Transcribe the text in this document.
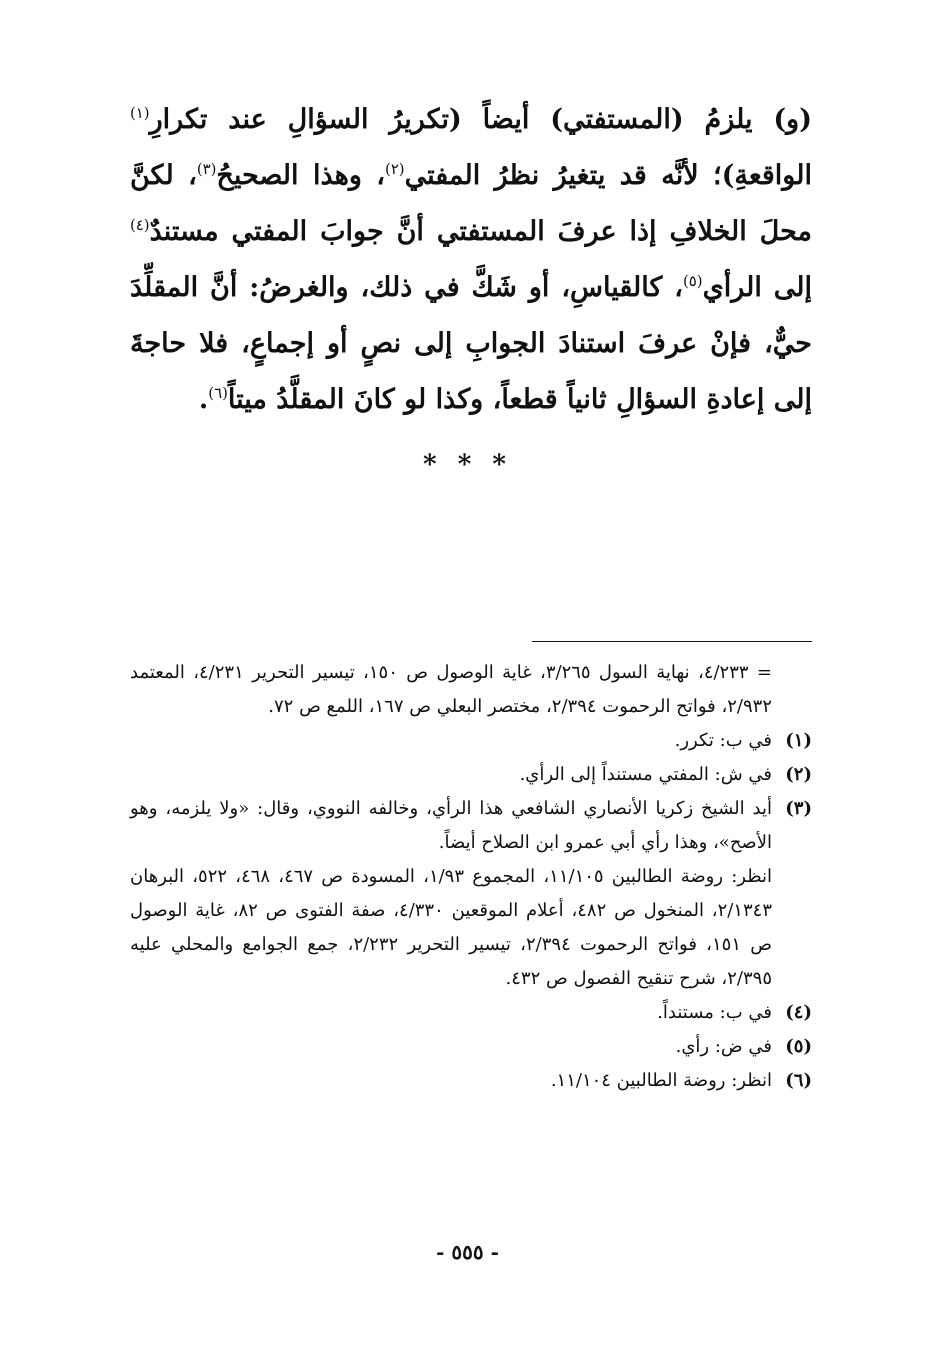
(و) يلزمُ (المستفتي) أيضاً (تكريرُ السؤالِ عند تكرارِ$^{(١)}$ الواقعةِ)؛ لأنَّه قد يتغيرُ نظرُ المفتي$^{(٢)}$، وهذا الصحيحُ$^{(٣)}$، لكنَّ محلَ الخلافِ إذا عرفَ المستفتي أنَّ جوابَ المفتي مستندٌ$^{(٤)}$ إلى الرأي$^{(٥)}$، كالقياسِ، أو شَكَّ في ذلك، والغرضُ: أنَّ المقلِّدَ حيٌّ، فإنْ عرفَ استنادَ الجوابِ إلى نصٍ أو إجماعٍ، فلا حاجةَ إلى إعادةِ السؤالِ ثانياً قطعاً، وكذا لو كانَ المقلَّدُ ميتاً$^{(٦)}$.

* * *
= ٤/٢٣٣، نهاية السول ٣/٢٦٥، غاية الوصول ص ١٥٠، تيسير التحرير ٤/٢٣١، المعتمد ٢/٩٣٢، فواتح الرحموت ٢/٣٩٤، مختصر البعلي ص ١٦٧، اللمع ص ٧٢.
(١)
في ب: تكرر.
(٢)
في ش: المفتي مستنداً إلى الرأي.
(٣)
أيد الشيخ زكريا الأنصاري الشافعي هذا الرأي، وخالفه النووي، وقال: «ولا يلزمه، وهو الأصح»، وهذا رأي أبي عمرو ابن الصلاح أيضاً.
انظر: روضة الطالبين ١١/١٠٥، المجموع ١/٩٣، المسودة ص ٤٦٧، ٤٦٨، ٥٢٢، البرهان ٢/١٣٤٣، المنخول ص ٤٨٢، أعلام الموقعين ٤/٣٣٠، صفة الفتوى ص ٨٢، غاية الوصول ص ١٥١، فواتح الرحموت ٢/٣٩٤، تيسير التحرير ٢/٢٣٢، جمع الجوامع والمحلي عليه ٢/٣٩٥، شرح تنقيح الفصول ص ٤٣٢.
(٤)
في ب: مستنداً.
(٥)
في ض: رأي.
(٦)
انظر: روضة الطالبين ١١/١٠٤.
- ٥٥٥ -
